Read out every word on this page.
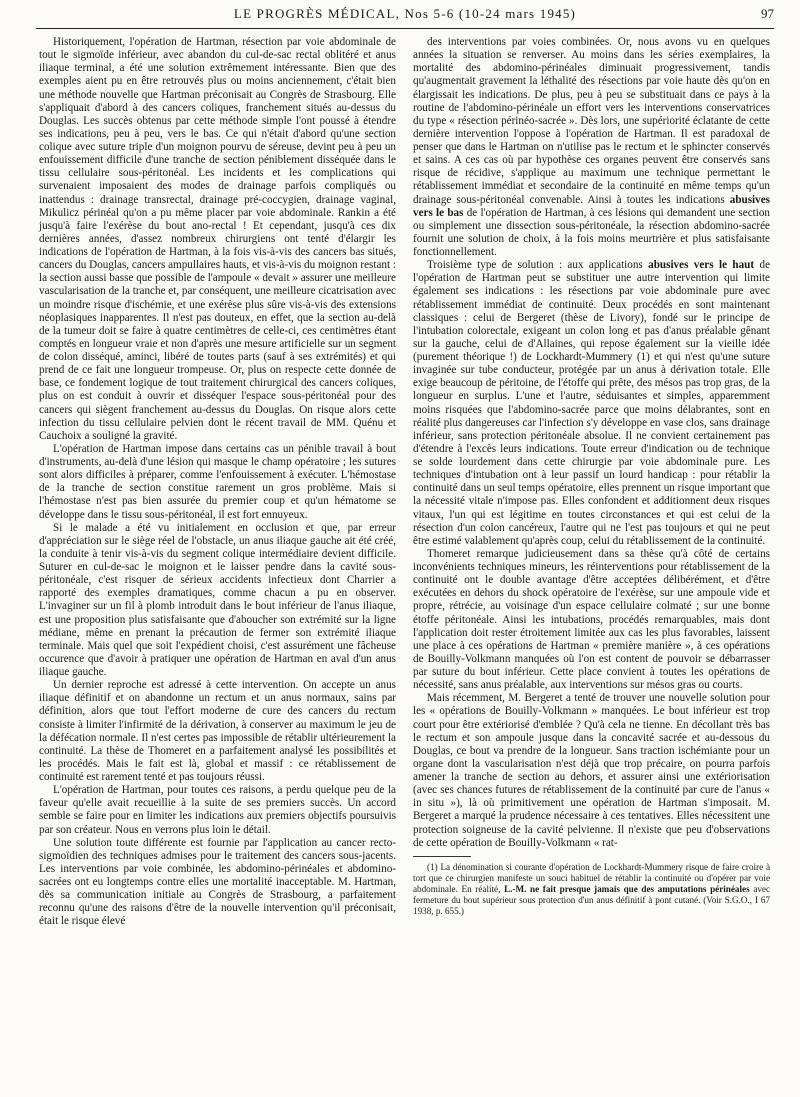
LE PROGRÈS MÉDICAL, Nos 5-6 (10-24 mars 1945)	97

Historiquement, l'opération de Hartman, résection par voie abdominale de tout le sigmoïde inférieur, avec abandon du cul-de-sac rectal oblitéré et anus iliaque terminal, a été une solution extrêmement intéressante. Bien que des exemples aient pu en être retrouvés plus ou moins anciennement, c'était bien une méthode nouvelle que Hartman préconisait au Congrès de Strasbourg. Elle s'appliquait d'abord à des cancers coliques, franchement situés au-dessus du Douglas. Les succès obtenus par cette méthode simple l'ont poussé à étendre ses indications, peu à peu, vers le bas. Ce qui n'était d'abord qu'une section colique avec suture triple d'un moignon pourvu de séreuse, devint peu à peu un enfouissement difficile d'une tranche de section péniblement disséquée dans le tissu cellulaire sous-péritonéal. Les incidents et les complications qui survenaient imposaient des modes de drainage parfois compliqués ou inattendus : drainage transrectal, drainage pré-coccygien, drainage vaginal, Mikulicz périnéal qu'on a pu même placer par voie abdominale. Rankin a été jusqu'à faire l'exérèse du bout ano-rectal ! Et cependant, jusqu'à ces dix dernières années, d'assez nombreux chirurgiens ont tenté d'élargir les indications de l'opération de Hartman, à la fois vis-à-vis des cancers bas situés, cancers du Douglas, cancers ampullaires hauts, et vis-à-vis du moignon restant : la section aussi basse que possible de l'ampoule « devait » assurer une meilleure vascularisation de la tranche et, par conséquent, une meilleure cicatrisation avec un moindre risque d'ischémie, et une exérèse plus sûre vis-à-vis des extensions néoplasiques inapparentes. Il n'est pas douteux, en effet, que la section au-delà de la tumeur doit se faire à quatre centimètres de celle-ci, ces centimètres étant comptés en longueur vraie et non d'après une mesure artificielle sur un segment de colon disséqué, aminci, libéré de toutes parts (sauf à ses extrémités) et qui prend de ce fait une longueur trompeuse. Or, plus on respecte cette donnée de base, ce fondement logique de tout traitement chirurgical des cancers coliques, plus on est conduit à ouvrir et disséquer l'espace sous-péritonéal pour des cancers qui siègent franchement au-dessus du Douglas. On risque alors cette infection du tissu cellulaire pelvien dont le récent travail de MM. Quénu et Cauchoix a souligné la gravité.

L'opération de Hartman impose dans certains cas un pénible travail à bout d'instruments, au-delà d'une lésion qui masque le champ opératoire ; les sutures sont alors difficiles à préparer, comme l'enfouissement à exécuter. L'hémostase de la tranche de section constitue rarement un gros problème. Mais si l'hémostase n'est pas bien assurée du premier coup et qu'un hématome se développe dans le tissu sous-péritonéal, il est fort ennuyeux.

Si le malade a été vu initialement en occlusion et que, par erreur d'appréciation sur le siège réel de l'obstacle, un anus iliaque gauche ait été créé, la conduite à tenir vis-à-vis du segment colique intermédiaire devient difficile. Suturer en cul-de-sac le moignon et le laisser pendre dans la cavité sous-péritonéale, c'est risquer de sérieux accidents infectieux dont Charrier a rapporté des exemples dramatiques, comme chacun a pu en observer. L'invaginer sur un fil à plomb introduit dans le bout inférieur de l'anus iliaque, est une proposition plus satisfaisante que d'aboucher son extrémité sur la ligne médiane, même en prenant la précaution de fermer son extrémité iliaque terminale. Mais quel que soit l'expédient choisi, c'est assurément une fâcheuse occurence que d'avoir à pratiquer une opération de Hartman en aval d'un anus iliaque gauche.

Un dernier reproche est adressé à cette intervention. On accepte un anus iliaque définitif et on abandonne un rectum et un anus normaux, sains par définition, alors que tout l'effort moderne de cure des cancers du rectum consiste à limiter l'infirmité de la dérivation, à conserver au maximum le jeu de la défécation normale. Il n'est certes pas impossible de rétablir ultérieurement la continuité. La thèse de Thomeret en a parfaitement analysé les possibilités et les procédés. Mais le fait est là, global et massif : ce rétablissement de continuité est rarement tenté et pas toujours réussi.

L'opération de Hartman, pour toutes ces raisons, a perdu quelque peu de la faveur qu'elle avait recueillie à la suite de ses premiers succès. Un accord semble se faire pour en limiter les indications aux premiers objectifs poursuivis par son créateur. Nous en verrons plus loin le détail.

Une solution toute différente est fournie par l'application au cancer recto-sigmoïdien des techniques admises pour le traitement des cancers sous-jacents. Les interventions par voie combinée, les abdomino-périnéales et abdomino-sacrées ont eu longtemps contre elles une mortalité inacceptable. M. Hartman, dès sa communication initiale au Congrès de Strasbourg, a parfaitement reconnu qu'une des raisons d'être de la nouvelle intervention qu'il préconisait, était le risque élevé

des interventions par voies combinées. Or, nous avons vu en quelques années la situation se renverser. Au moins dans les séries exemplaires, la mortalité des abdomino-périnéales diminuait progressivement, tandis qu'augmentait gravement la léthalité des résections par voie haute dès qu'on en élargissait les indications. De plus, peu à peu se substituait dans ce pays à la routine de l'abdomino-périnéale un effort vers les interventions conservatrices du type « résection périnéo-sacrée ». Dès lors, une supériorité éclatante de cette dernière intervention l'oppose à l'opération de Hartman. Il est paradoxal de penser que dans le Hartman on n'utilise pas le rectum et le sphincter conservés et sains. A ces cas où par hypothèse ces organes peuvent être conservés sans risque de récidive, s'applique au maximum une technique permettant le rétablissement immédiat et secondaire de la continuité en même temps qu'un drainage sous-péritonéal convenable. Ainsi à toutes les indications abusives vers le bas de l'opération de Hartman, à ces lésions qui demandent une section ou simplement une dissection sous-péritonéale, la résection abdomino-sacrée fournit une solution de choix, à la fois moins meurtrière et plus satisfaisante fonctionnellement.

Troisième type de solution : aux applications abusives vers le haut de l'opération de Hartman peut se substituer une autre intervention qui limite également ses indications : les résections par voie abdominale pure avec rétablissement immédiat de continuité. Deux procédés en sont maintenant classiques : celui de Bergeret (thèse de Livory), fondé sur le principe de l'intubation colorectale, exigeant un colon long et pas d'anus préalable gênant sur la gauche, celui de d'Allaines, qui repose également sur la vieille idée (purement théorique !) de Lockhardt-Mummery (1) et qui n'est qu'une suture invaginée sur tube conducteur, protégée par un anus à dérivation totale. Elle exige beaucoup de péritoine, de l'étoffe qui prête, des mésos pas trop gras, de la longueur en surplus. L'une et l'autre, séduisantes et simples, apparemment moins risquées que l'abdomino-sacrée parce que moins délabrantes, sont en réalité plus dangereuses car l'infection s'y développe en vase clos, sans drainage inférieur, sans protection péritonéale absolue. Il ne convient certainement pas d'étendre à l'excès leurs indications. Toute erreur d'indication ou de technique se solde lourdement dans cette chirurgie par voie abdominale pure. Les techniques d'intubation ont à leur passif un lourd handicap : pour rétablir la continuité dans un seul temps opératoire, elles prennent un risque important que la nécessité vitale n'impose pas. Elles confondent et additionnent deux risques vitaux, l'un qui est légitime en toutes circonstances et qui est celui de la résection d'un colon cancéreux, l'autre qui ne l'est pas toujours et qui ne peut être estimé valablement qu'après coup, celui du rétablissement de la continuité.

Thomeret remarque judicieusement dans sa thèse qu'à côté de certains inconvénients techniques mineurs, les réinterventions pour rétablissement de la continuité ont le double avantage d'être acceptées délibérément, et d'être exécutées en dehors du shock opératoire de l'exérèse, sur une ampoule vide et propre, rétrécie, au voisinage d'un espace cellulaire colmaté ; sur une bonne étoffe péritonéale. Ainsi les intubations, procédés remarquables, mais dont l'application doit rester étroitement limitée aux cas les plus favorables, laissent une place à ces opérations de Hartman « première manière », à ces opérations de Bouilly-Volkmann manquées où l'on est content de pouvoir se débarrasser par suture du bout inférieur. Cette place convient à toutes les opérations de nécessité, sans anus préalable, aux interventions sur mésos gras ou courts.

Mais récemment, M. Bergeret a tenté de trouver une nouvelle solution pour les « opérations de Bouilly-Volkmann » manquées. Le bout inférieur est trop court pour être extériorisé d'emblée ? Qu'à cela ne tienne. En décollant très bas le rectum et son ampoule jusque dans la concavité sacrée et au-dessous du Douglas, ce bout va prendre de la longueur. Sans traction ischémiante pour un organe dont la vascularisation n'est déjà que trop précaire, on pourra parfois amener la tranche de section au dehors, et assurer ainsi une extériorisation (avec ses chances futures de rétablissement de la continuité par cure de l'anus « in situ »), là où primitivement une opération de Hartman s'imposait. M. Bergeret a marqué la prudence nécessaire à ces tentatives. Elles nécessitent une protection soigneuse de la cavité pelvienne. Il n'existe que peu d'observations de cette opération de Bouilly-Volkmann « rat-

(1) La dénomination si courante d'opération de Lockhardt-Mummery risque de faire croire à tort que ce chirurgien manifeste un souci habituel de rétablir la continuité ou d'opérer par voie abdominale. En réalité, L.-M. ne fait presque jamais que des amputations périnéales avec fermeture du bout supérieur sous protection d'un anus définitif à pont cutané. (Voir S.G.O., I 67 1938, p. 655.)
